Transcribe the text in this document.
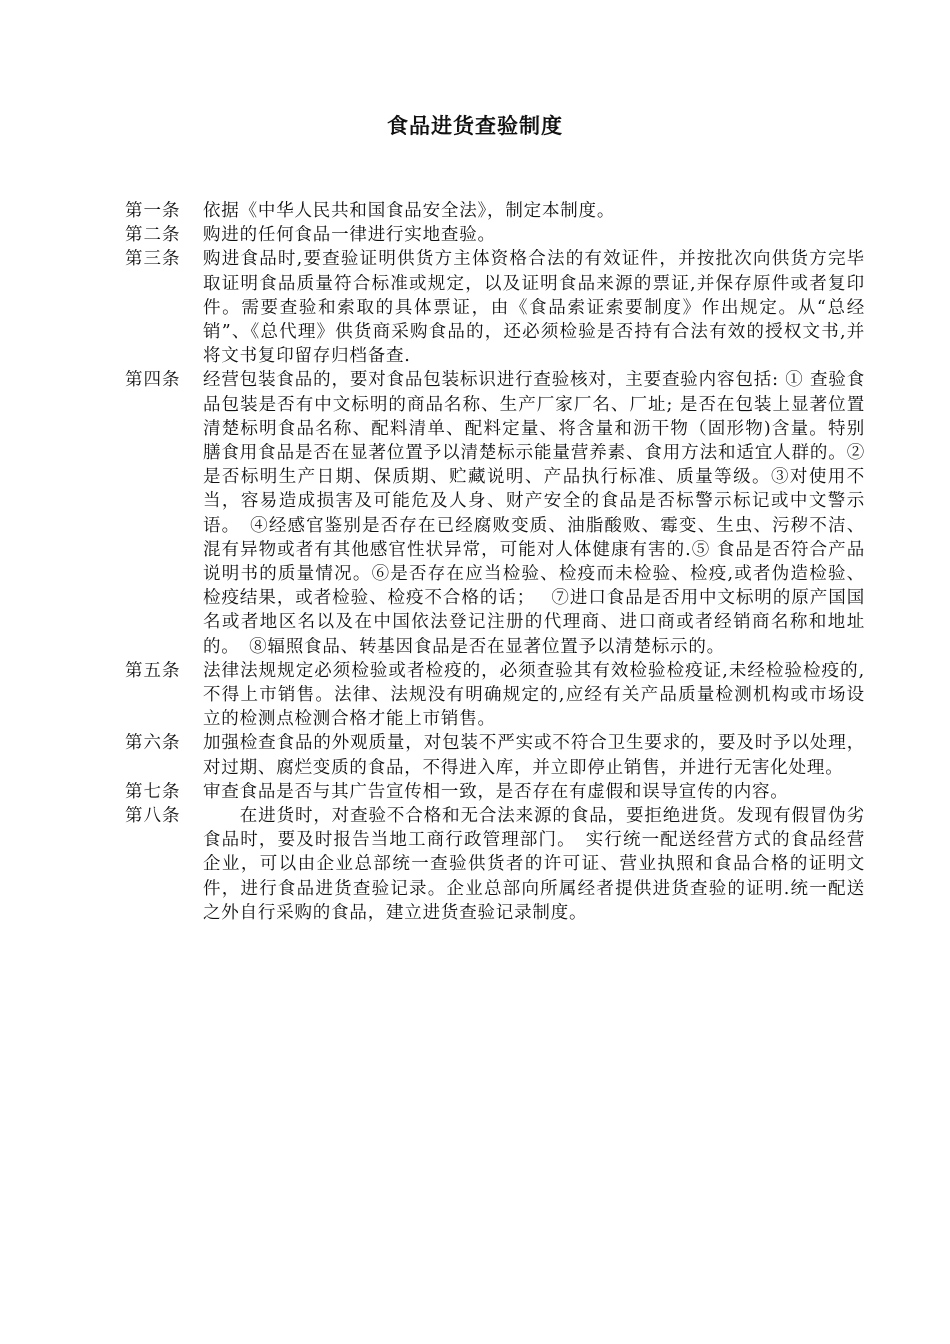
食品进货查验制度
第一条	依据《中华人民共和国食品安全法》，制定本制度。
第二条	购进的任何食品一律进行实地查验。
第三条	购进食品时,要查验证明供货方主体资格合法的有效证件，并按批次向供货方完毕取证明食品质量符合标准或规定，以及证明食品来源的票证,并保存原件或者复印件。需要查验和索取的具体票证，由《食品索证索要制度》作出规定。从“总经销”、《总代理》供货商采购食品的，还必须检验是否持有合法有效的授权文书,并将文书复印留存归档备查.
第四条	经营包装食品的，要对食品包装标识进行查验核对，主要查验内容包括: ① 查验食品包装是否有中文标明的商品名称、生产厂家厂名、厂址; 是否在包装上显著位置清楚标明食品名称、配料清单、配料定量、将含量和沥干物（固形物)含量。特别膳食用食品是否在显著位置予以清楚标示能量营养素、食用方法和适宜人群的。②是否标明生产日期、保质期、贮藏说明、产品执行标准、质量等级。③对使用不当，容易造成损害及可能危及人身、财产安全的食品是否标警示标记或中文警示语。　④经感官鉴别是否存在已经腐败变质、油脂酸败、霉变、生虫、污秽不洁、混有异物或者有其他感官性状异常，可能对人体健康有害的.⑤ 食品是否符合产品说明书的质量情况。⑥是否存在应当检验、检疫而未检验、检疫,或者伪造检验、检疫结果，或者检验、检疫不合格的话；　 ⑦进口食品是否用中文标明的原产国国名或者地区名以及在中国依法登记注册的代理商、进口商或者经销商名称和地址的。　⑧辐照食品、转基因食品是否在显著位置予以清楚标示的。
第五条	法律法规规定必须检验或者检疫的，必须查验其有效检验检疫证,未经检验检疫的,不得上市销售。法律、法规没有明确规定的,应经有关产品质量检测机构或市场设立的检测点检测合格才能上市销售。
第六条	加强检查食品的外观质量，对包装不严实或不符合卫生要求的，要及时予以处理，对过期、腐烂变质的食品，不得进入库，并立即停止销售，并进行无害化处理。
第七条	审查食品是否与其广告宣传相一致，是否存在有虚假和误导宣传的内容。
第八条	　　在进货时，对查验不合格和无合法来源的食品，要拒绝进货。发现有假冒伪劣食品时，要及时报告当地工商行政管理部门。　实行统一配送经营方式的食品经营企业，可以由企业总部统一查验供货者的许可证、营业执照和食品合格的证明文件，进行食品进货查验记录。企业总部向所属经者提供进货查验的证明.统一配送之外自行采购的食品，建立进货查验记录制度。
